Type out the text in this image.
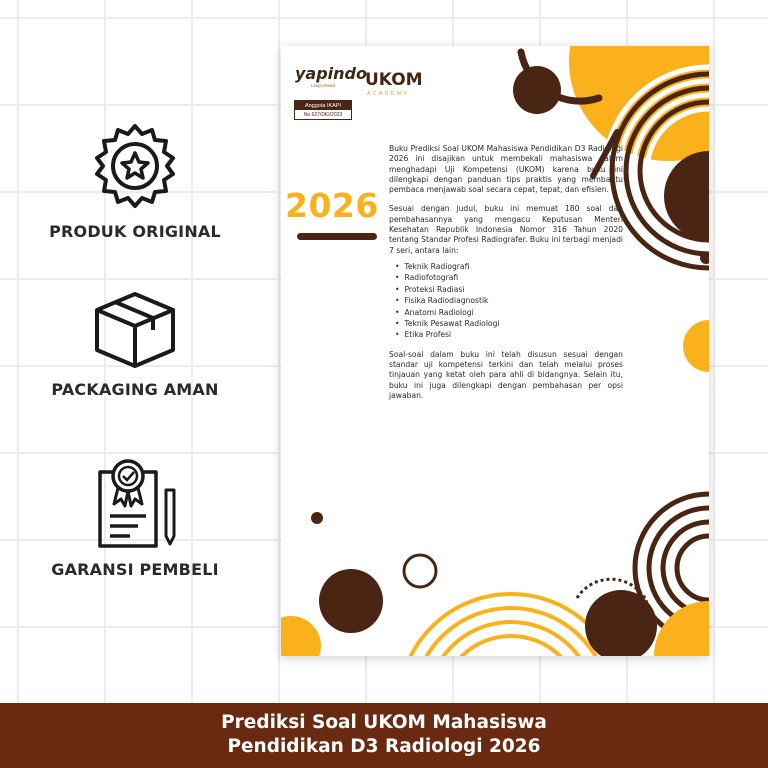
PRODUK ORIGINAL
PACKAGING AMAN
GARANSI PEMBELI
yapindo
Leap Ahead UKOM
ACADEMY
Anggota IKAPI
No.627/DKI/2023
2026

Buku Prediksi Soal UKOM Mahasiswa Pendidikan D3 Radiologi 2026 ini disajikan untuk membekali mahasiswa dalam menghadapi Uji Kompetensi (UKOM) karena buku ini dilengkapi dengan panduan tips praktis yang membantu pembaca menjawab soal secara cepat, tepat, dan efisien.

Sesuai dengan judul, buku ini memuat 180 soal dan pembahasannya yang mengacu Keputusan Menteri Kesehatan Republik Indonesia Nomor 316 Tahun 2020 tentang Standar Profesi Radiografer. Buku ini terbagi menjadi 7 seri, antara lain:

• Teknik Radiografi
• Radiofotografi
• Proteksi Radiasi
• Fisika Radiodiagnostik
• Anatomi Radiologi
• Teknik Pesawat Radiologi
• Etika Profesi

Soal-soal dalam buku ini telah disusun sesuai dengan standar uji kompetensi terkini dan telah melalui proses tinjauan yang ketat oleh para ahli di bidangnya. Selain itu, buku ini juga dilengkapi dengan pembahasan per opsi jawaban.

Prediksi Soal UKOM Mahasiswa
Pendidikan D3 Radiologi 2026
